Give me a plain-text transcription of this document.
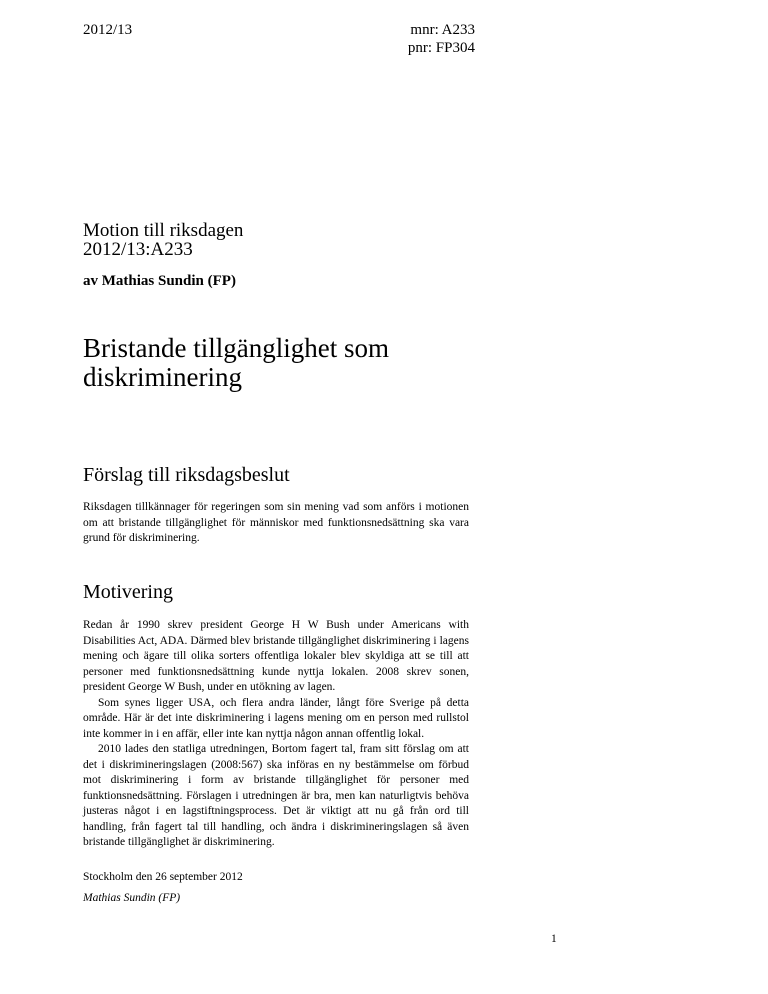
2012/13	mnr: A233
pnr: FP304
Motion till riksdagen
2012/13:A233
av Mathias Sundin (FP)
Bristande tillgänglighet som
diskriminering
Förslag till riksdagsbeslut

Riksdagen tillkännager för regeringen som sin mening vad som anförs i motionen om att bristande tillgänglighet för människor med funktionsnedsättning ska vara grund för diskriminering.

Motivering

Redan år 1990 skrev president George H W Bush under Americans with Disabilities Act, ADA. Därmed blev bristande tillgänglighet diskriminering i lagens mening och ägare till olika sorters offentliga lokaler blev skyldiga att se till att personer med funktionsnedsättning kunde nyttja lokalen. 2008 skrev sonen, president George W Bush, under en utökning av lagen.

Som synes ligger USA, och flera andra länder, långt före Sverige på detta område. Här är det inte diskriminering i lagens mening om en person med rullstol inte kommer in i en affär, eller inte kan nyttja någon annan offentlig lokal.

2010 lades den statliga utredningen, Bortom fagert tal, fram sitt förslag om att det i diskrimineringslagen (2008:567) ska införas en ny bestämmelse om förbud mot diskriminering i form av bristande tillgänglighet för personer med funktionsnedsättning. Förslagen i utredningen är bra, men kan naturligtvis behöva justeras något i en lagstiftningsprocess. Det är viktigt att nu gå från ord till handling, från fagert tal till handling, och ändra i diskrimineringslagen så även bristande tillgänglighet är diskriminering.

Stockholm den 26 september 2012
Mathias Sundin (FP)
1
